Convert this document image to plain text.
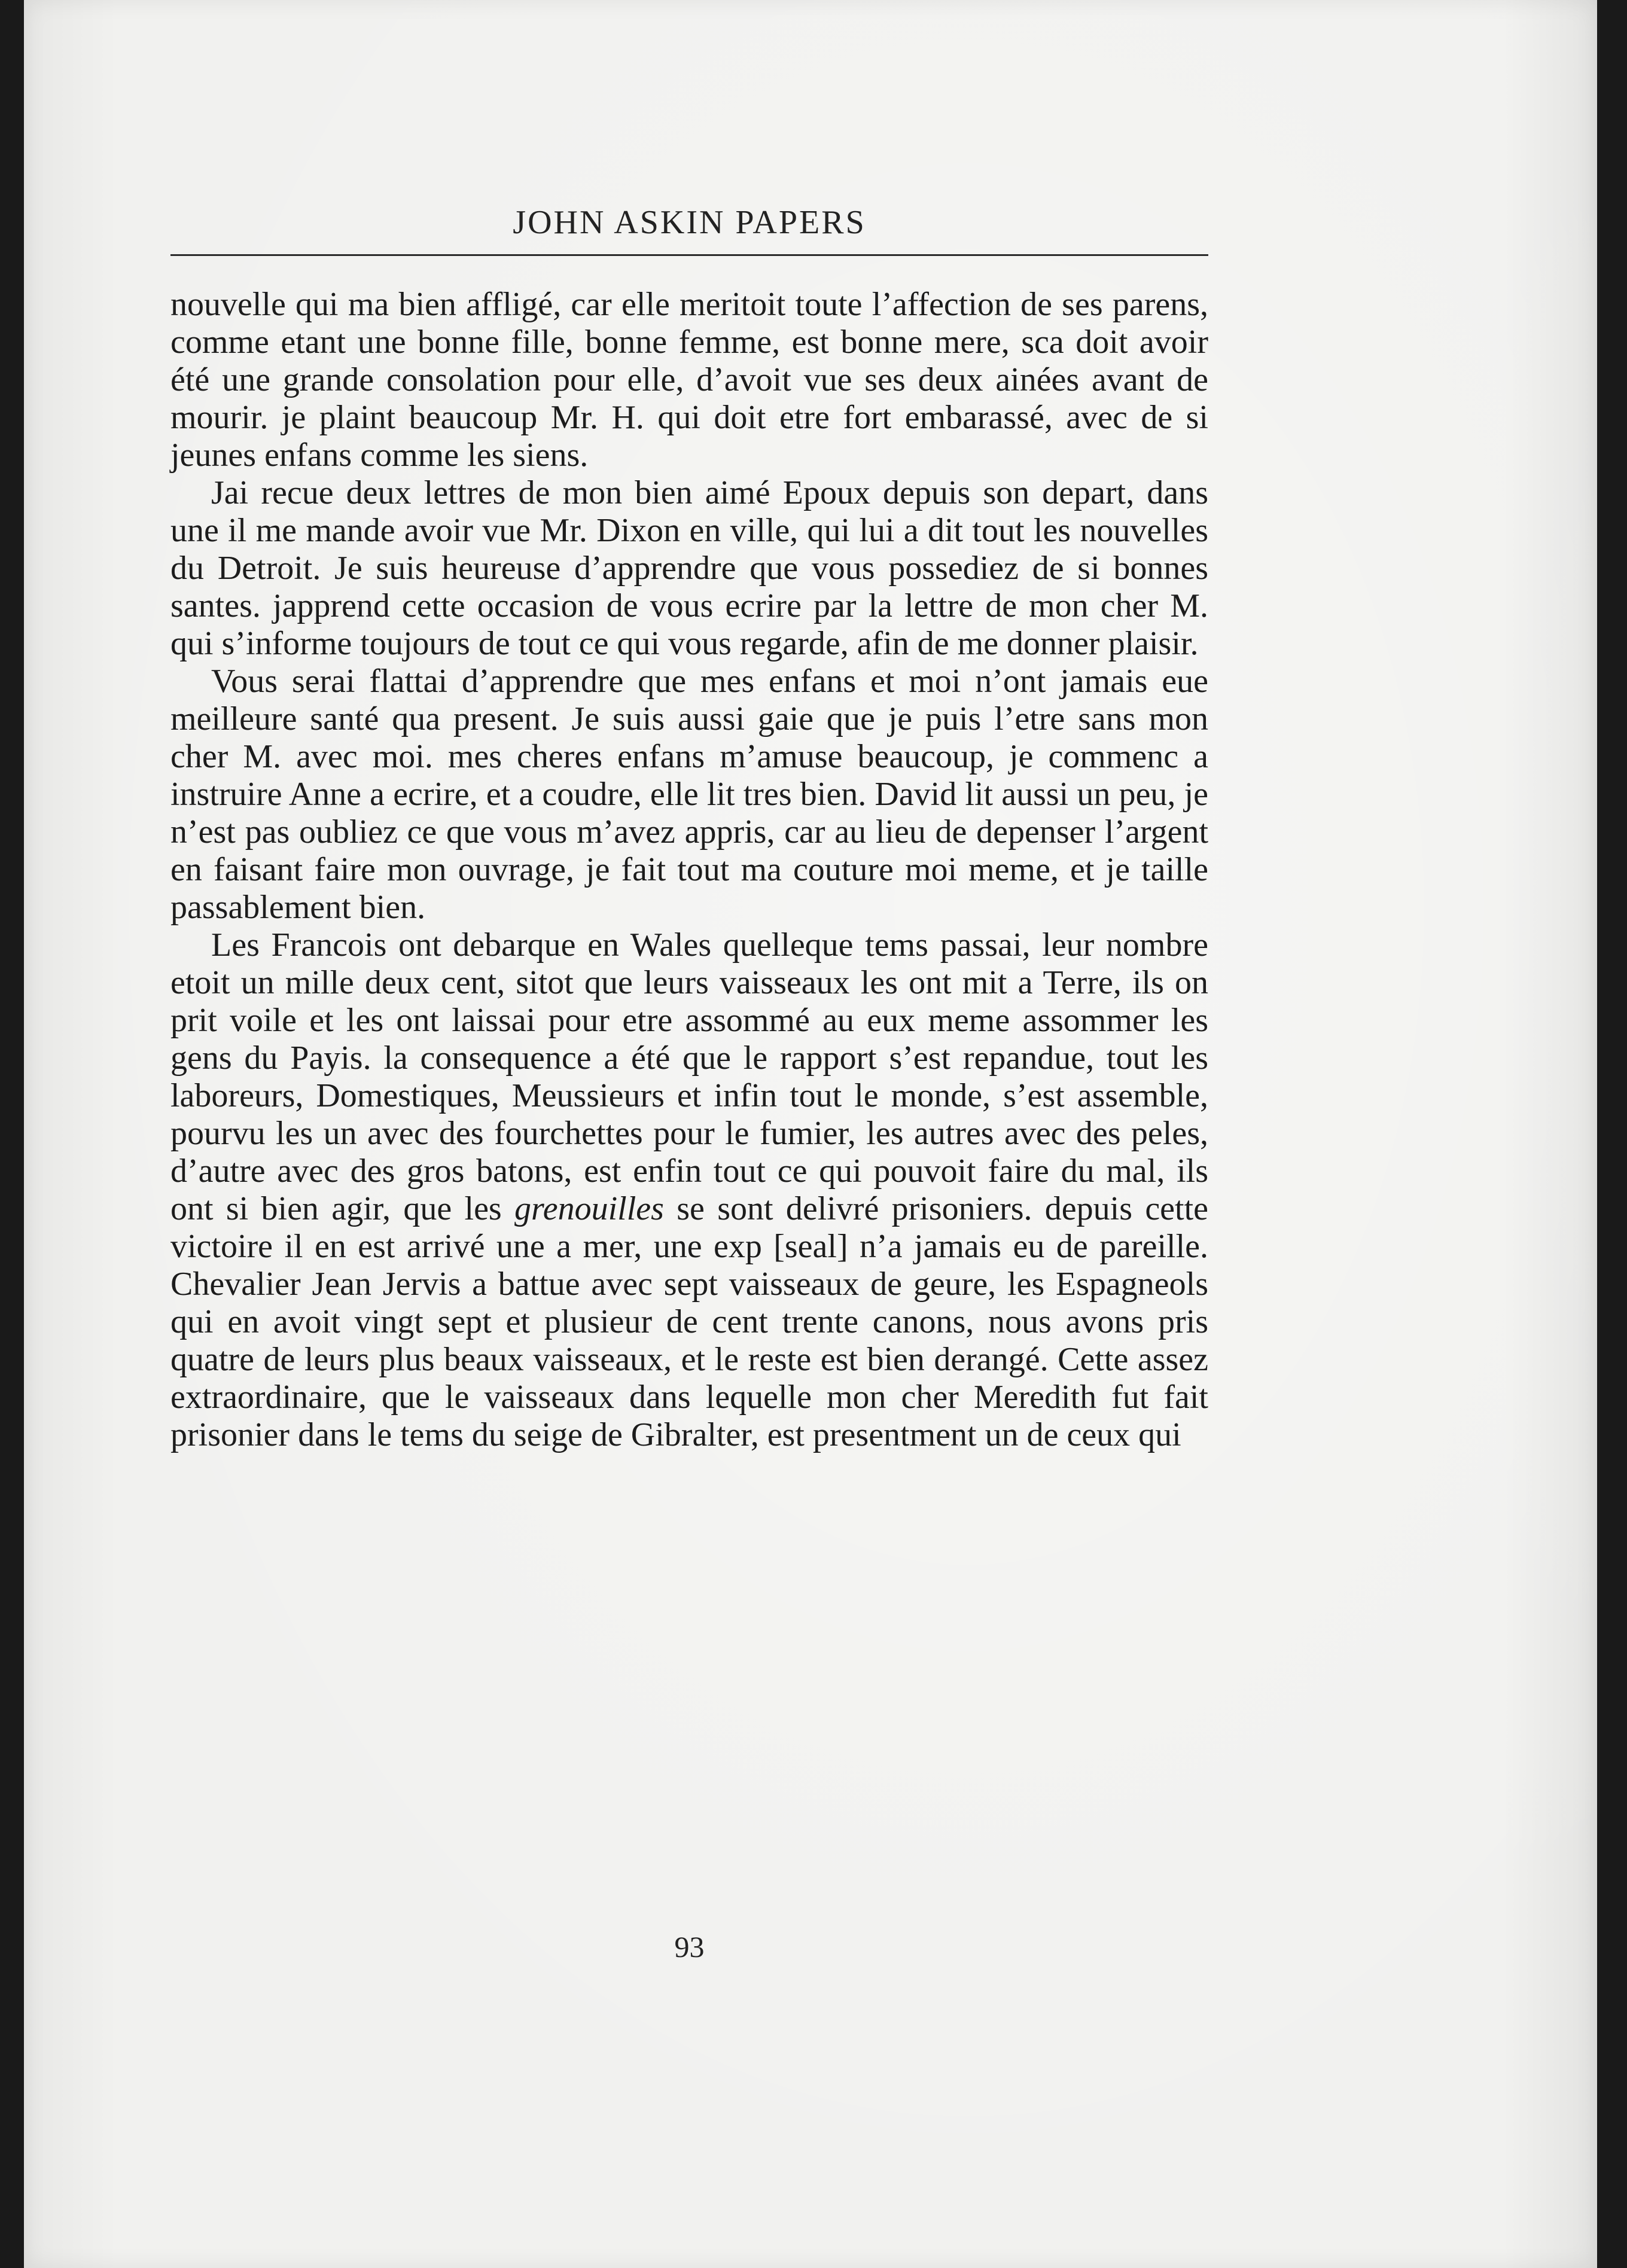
JOHN ASKIN PAPERS

nouvelle qui ma bien affligé, car elle meritoit toute l’affection de ses parens, comme etant une bonne fille, bonne femme, est bonne mere, sca doit avoir été une grande consolation pour elle, d’avoit vue ses deux ainées avant de mourir. je plaint beaucoup Mr. H. qui doit etre fort embarassé, avec de si jeunes enfans comme les siens.

Jai recue deux lettres de mon bien aimé Epoux depuis son depart, dans une il me mande avoir vue Mr. Dixon en ville, qui lui a dit tout les nouvelles du Detroit. Je suis heureuse d’apprendre que vous possediez de si bonnes santes. japprend cette occasion de vous ecrire par la lettre de mon cher M. qui s’informe toujours de tout ce qui vous regarde, afin de me donner plaisir.

Vous serai flattai d’apprendre que mes enfans et moi n’ont jamais eue meilleure santé qua present. Je suis aussi gaie que je puis l’etre sans mon cher M. avec moi. mes cheres enfans m’amuse beaucoup, je commenc a instruire Anne a ecrire, et a coudre, elle lit tres bien. David lit aussi un peu, je n’est pas oubliez ce que vous m’avez appris, car au lieu de depenser l’argent en faisant faire mon ouvrage, je fait tout ma couture moi meme, et je taille passablement bien.

Les Francois ont debarque en Wales quelleque tems passai, leur nombre etoit un mille deux cent, sitot que leurs vaisseaux les ont mit a Terre, ils on prit voile et les ont laissai pour etre assommé au eux meme assommer les gens du Payis. la consequence a été que le rapport s’est repandue, tout les laboreurs, Domestiques, Meussieurs et infin tout le monde, s’est assemble, pourvu les un avec des fourchettes pour le fumier, les autres avec des peles, d’autre avec des gros batons, est enfin tout ce qui pouvoit faire du mal, ils ont si bien agir, que les grenouilles se sont delivré prisoniers. depuis cette victoire il en est arrivé une a mer, une exp [seal] n’a jamais eu de pareille. Chevalier Jean Jervis a battue avec sept vaisseaux de geure, les Espagneols qui en avoit vingt sept et plusieur de cent trente canons, nous avons pris quatre de leurs plus beaux vaisseaux, et le reste est bien derangé. Cette assez extraordinaire, que le vaisseaux dans lequelle mon cher Meredith fut fait prisonier dans le tems du seige de Gibralter, est presentment un de ceux qui

93
